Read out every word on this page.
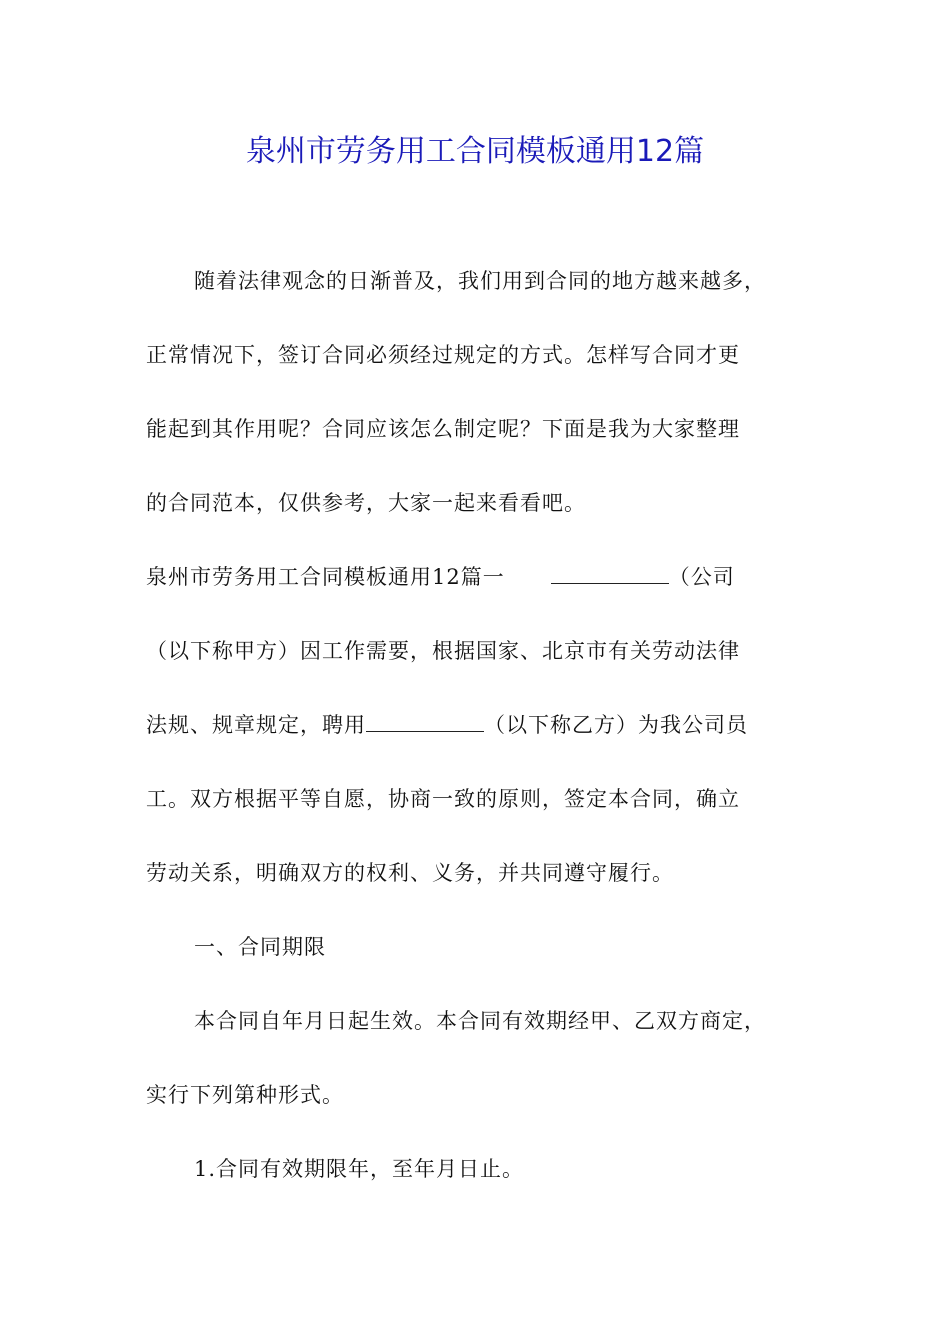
泉州市劳务用工合同模板通用12篇

随着法律观念的日渐普及，我们用到合同的地方越来越多，

正常情况下，签订合同必须经过规定的方式。怎样写合同才更

能起到其作用呢？合同应该怎么制定呢？下面是我为大家整理

的合同范本，仅供参考，大家一起来看看吧。

泉州市劳务用工合同模板通用12篇一	（公司

（以下称甲方）因工作需要，根据国家、北京市有关劳动法律

法规、规章规定，聘用	（以下称乙方）为我公司员

工。双方根据平等自愿，协商一致的原则，签定本合同，确立

劳动关系，明确双方的权利、义务，并共同遵守履行。

一、合同期限

本合同自年月日起生效。本合同有效期经甲、乙双方商定，

实行下列第种形式。

1.合同有效期限年，至年月日止。
